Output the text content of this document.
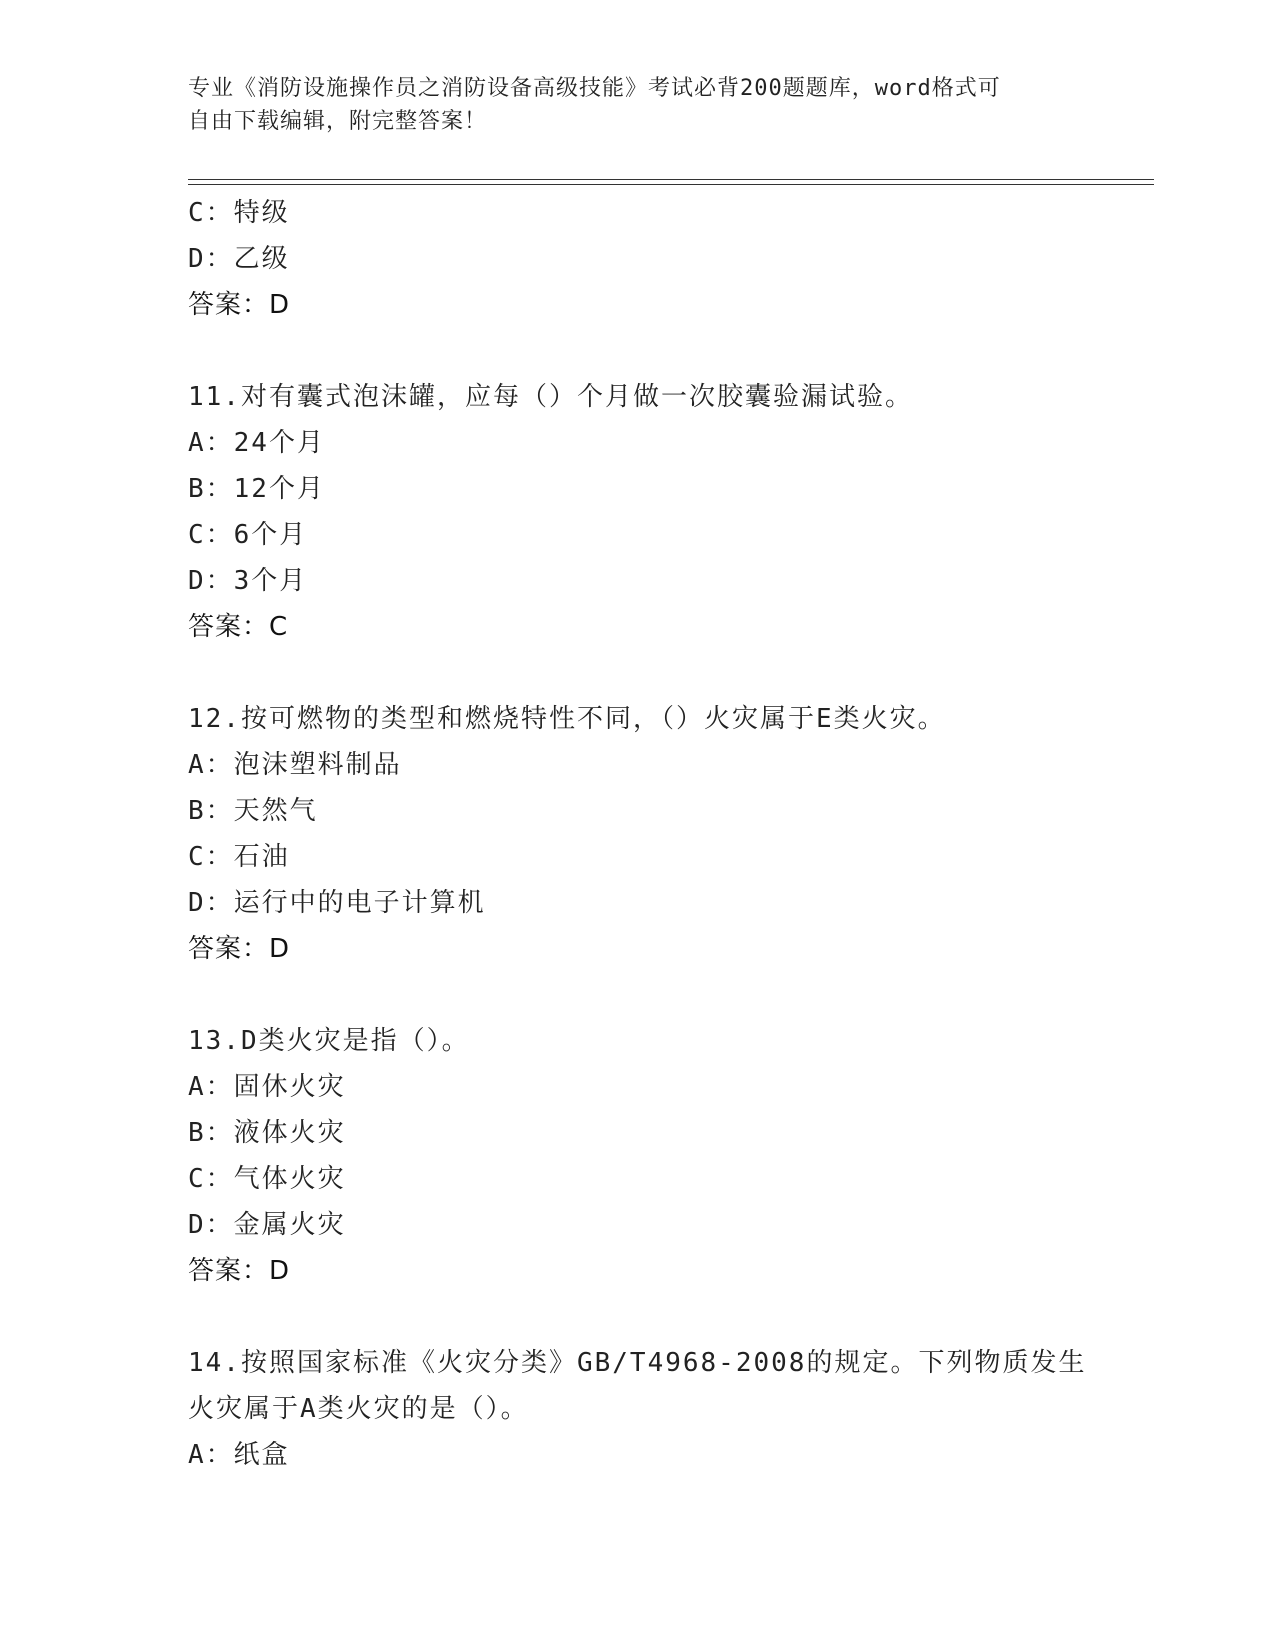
专业《消防设施操作员之消防设备高级技能》考试必背200题题库，word格式可
自由下载编辑，附完整答案！
C：特级
D：乙级
答案：D
11.对有囊式泡沫罐，应每（）个月做一次胶囊验漏试验。
A：24个月
B：12个月
C：6个月
D：3个月
答案：C
12.按可燃物的类型和燃烧特性不同，（）火灾属于E类火灾。
A：泡沫塑料制品
B：天然气
C：石油
D：运行中的电子计算机
答案：D
13.D类火灾是指（）。
A：固休火灾
B：液体火灾
C：气体火灾
D：金属火灾
答案：D
14.按照国家标准《火灾分类》GB/T4968-2008的规定。下列物质发生
火灾属于A类火灾的是（）。
A：纸盒
